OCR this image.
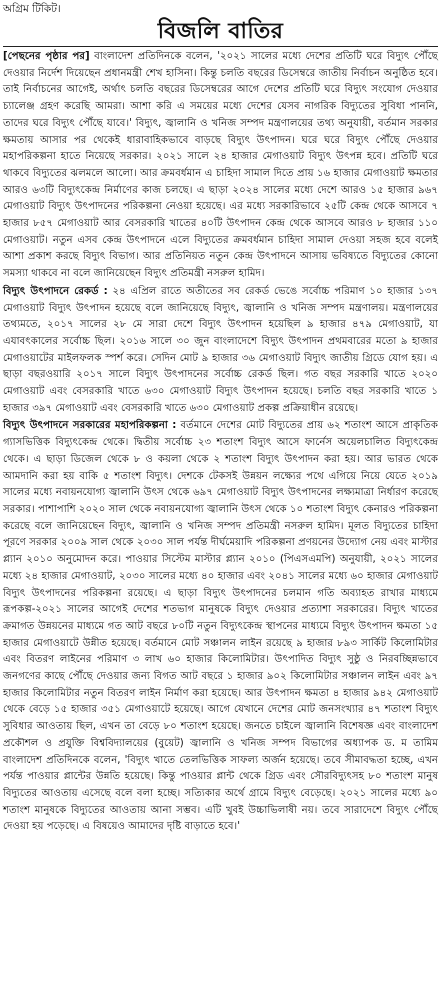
অগ্রিম টিকিট।
বিজলি বাতির

[পেছনের পৃষ্ঠার পর] বাংলাদেশ প্রতিদিনকে বলেন, '২০২১ সালের মধ্যে দেশের প্রতিটি ঘরে বিদ্যুৎ পৌঁছে দেওয়ার নির্দেশ দিয়েছেন প্রধানমন্ত্রী শেখ হাসিনা। কিন্তু চলতি বছরের ডিসেম্বরে জাতীয় নির্বাচন অনুষ্ঠিত হবে। তাই নির্বাচনের আগেই, অর্থাৎ চলতি বছরের ডিসেম্বরের আগে দেশের প্রতিটি ঘরে বিদ্যুৎ সংযোগ দেওয়ার চ্যালেঞ্জ গ্রহণ করেছি আমরা। আশা করি এ সময়ের মধ্যে দেশের যেসব নাগরিক বিদ্যুতের সুবিধা পাননি, তাদের ঘরে বিদ্যুৎ পৌঁছে যাবে।' বিদ্যুৎ, জ্বালানি ও খনিজ সম্পদ মন্ত্রণালয়ের তথ্য অনুযায়ী, বর্তমান সরকার ক্ষমতায় আসার পর থেকেই ধারাবাহিকভাবে বাড়ছে বিদ্যুৎ উৎপাদন। ঘরে ঘরে বিদ্যুৎ পৌঁছে দেওয়ার মহাপরিকল্পনা হাতে নিয়েছে সরকার। ২০২১ সালে ২৪ হাজার মেগাওয়াট বিদ্যুৎ উৎপন্ন হবে। প্রতিটি ঘরে থাকবে বিদ্যুতের ঝলমলে আলো। আর ক্রমবর্ধমান এ চাহিদা সামাল দিতে প্রায় ১৬ হাজার মেগাওয়াট ক্ষমতার আরও ৬৩টি বিদ্যুৎকেন্দ্র নির্মাণের কাজ চলছে। এ ছাড়া ২০২৪ সালের মধ্যে দেশে আরও ১৫ হাজার ৯৬৭ মেগাওয়াট বিদ্যুৎ উৎপাদনের পরিকল্পনা নেওয়া হয়েছে। এর মধ্যে সরকারিভাবে ২৫টি কেন্দ্র থেকে আসবে ৭ হাজার ৮৫৭ মেগাওয়াট আর বেসরকারি খাতের ৪০টি উৎপাদন কেন্দ্র থেকে আসবে আরও ৮ হাজার ১১০ মেগাওয়াট। নতুন এসব কেন্দ্র উৎপাদনে এলে বিদ্যুতের ক্রমবর্ধমান চাহিদা সামাল দেওয়া সহজ হবে বলেই আশা প্রকাশ করছে বিদ্যুৎ বিভাগ। আর প্রতিনিয়ত নতুন কেন্দ্র উৎপাদনে আসায় ভবিষ্যতে বিদ্যুতের কোনো সমস্যা থাকবে না বলে জানিয়েছেন বিদ্যুৎ প্রতিমন্ত্রী নসরুল হামিদ।

বিদ্যুৎ উৎপাদনে রেকর্ড : ২৪ এপ্রিল রাতে অতীতের সব রেকর্ড ভেঙে সর্বোচ্চ পরিমাণ ১০ হাজার ১৩৭ মেগাওয়াট বিদ্যুৎ উৎপাদন হয়েছে বলে জানিয়েছে বিদ্যুৎ, জ্বালানি ও খনিজ সম্পদ মন্ত্রণালয়। মন্ত্রণালয়ের তথ্যমতে, ২০১৭ সালের ২৮ মে সারা দেশে বিদ্যুৎ উৎপাদন হয়েছিল ৯ হাজার ৪৭৯ মেগাওয়াট, যা এযাবৎকালের সর্বোচ্চ ছিল। ২০১৬ সালে ৩০ জুন বাংলাদেশে বিদ্যুৎ উৎপাদন প্রথমবারের মতো ৯ হাজার মেগাওয়াটের মাইলফলক স্পর্শ করে। সেদিন মোট ৯ হাজার ৩৬ মেগাওয়াট বিদ্যুৎ জাতীয় গ্রিডে যোগ হয়। এ ছাড়া বছরওয়ারি ২০১৭ সালে বিদ্যুৎ উৎপাদনের সর্বোচ্চ রেকর্ড ছিল। গত বছর সরকারি খাতে ২০২০ মেগাওয়াট এবং বেসরকারি খাতে ৬৩০ মেগাওয়াট বিদ্যুৎ উৎপাদন হয়েছে। চলতি বছর সরকারি খাতে ১ হাজার ৩৯৭ মেগাওয়াট এবং বেসরকারি খাতে ৬৩০ মেগাওয়াট প্রকল্প প্রক্রিয়াধীন রয়েছে।

বিদ্যুৎ উৎপাদনে সরকারের মহাপরিকল্পনা : বর্তমানে দেশের মোট বিদ্যুতের প্রায় ৬২ শতাংশ আসে প্রাকৃতিক গ্যাসভিত্তিক বিদ্যুৎকেন্দ্র থেকে। দ্বিতীয় সর্বোচ্চ ২৩ শতাংশ বিদ্যুৎ আসে ফার্নেস অয়েলচালিত বিদ্যুৎকেন্দ্র থেকে। এ ছাড়া ডিজেল থেকে ৮ ও কয়লা থেকে ২ শতাংশ বিদ্যুৎ উৎপাদন করা হয়। আর ভারত থেকে আমদানি করা হয় বাকি ৫ শতাংশ বিদ্যুৎ। দেশকে টেকসই উন্নয়ন লক্ষ্যের পথে এগিয়ে নিয়ে যেতে ২০১৯ সালের মধ্যে নবায়নযোগ্য জ্বালানি উৎস থেকে ৬৯৭ মেগাওয়াট বিদ্যুৎ উৎপাদনের লক্ষ্যমাত্রা নির্ধারণ করেছে সরকার। পাশাপাশি ২০২০ সাল থেকে নবায়নযোগ্য জ্বালানি উৎস থেকে ১০ শতাংশ বিদ্যুৎ কেনারও পরিকল্পনা করেছে বলে জানিয়েছেন বিদ্যুৎ, জ্বালানি ও খনিজ সম্পদ প্রতিমন্ত্রী নসরুল হামিদ। মূলত বিদ্যুতের চাহিদা পূরণে সরকার ২০০৯ সাল থেকে ২০৩০ সাল পর্যন্ত দীর্ঘমেয়াদি পরিকল্পনা প্রণয়নের উদ্যোগ নেয় এবং মাস্টার প্ল্যান ২০১০ অনুমোদন করে। পাওয়ার সিস্টেম মাস্টার প্ল্যান ২০১০ (পিএসএমপি) অনুযায়ী, ২০২১ সালের মধ্যে ২৪ হাজার মেগাওয়াট, ২০৩০ সালের মধ্যে ৪০ হাজার এবং ২০৪১ সালের মধ্যে ৬০ হাজার মেগাওয়াট বিদ্যুৎ উৎপাদনের পরিকল্পনা রয়েছে। এ ছাড়া বিদ্যুৎ উৎপাদনের চলমান গতি অব্যাহত রাখার মাধ্যমে রূপকল্প-২০২১ সালের আগেই দেশের শতভাগ মানুষকে বিদ্যুৎ দেওয়ার প্রত্যাশা সরকারের। বিদ্যুৎ খাতের ক্রমাগত উন্নয়নের মাধ্যমে গত আট বছরে ৮০টি নতুন বিদ্যুৎকেন্দ্র স্থাপনের মাধ্যমে বিদ্যুৎ উৎপাদন ক্ষমতা ১৫ হাজার মেগাওয়াটে উন্নীত হয়েছে। বর্তমানে মোট সঞ্চালন লাইন রয়েছে ৯ হাজার ৮৯৩ সার্কিট কিলোমিটার এবং বিতরণ লাইনের পরিমাণ ৩ লাখ ৬০ হাজার কিলোমিটার। উৎপাদিত বিদ্যুৎ সুষ্ঠু ও নিরবচ্ছিন্নভাবে জনগণের কাছে পৌঁছে দেওয়ার জন্য বিগত আট বছরে ১ হাজার ৯০২ কিলোমিটার সঞ্চালন লাইন এবং ৯৭ হাজার কিলোমিটার নতুন বিতরণ লাইন নির্মাণ করা হয়েছে। আর উৎপাদন ক্ষমতা ৪ হাজার ৯৪২ মেগাওয়াট থেকে বেড়ে ১৫ হাজার ৩৫১ মেগাওয়াটে হয়েছে। আগে যেখানে দেশের মোট জনসংখ্যার ৪৭ শতাংশ বিদ্যুৎ সুবিধার আওতায় ছিল, এখন তা বেড়ে ৮০ শতাংশ হয়েছে। জনতে চাইলে জ্বালানি বিশেষজ্ঞ এবং বাংলাদেশ প্রকৌশল ও প্রযুক্তি বিশ্ববিদ্যালয়ের (বুয়েট) জ্বালানি ও খনিজ সম্পদ বিভাগের অধ্যাপক ড. ম তামিম বাংলাদেশ প্রতিদিনকে বলেন, 'বিদ্যুৎ খাতে তেলভিত্তিক সাফল্য অর্জন হয়েছে। তবে সীমাবদ্ধতা হচ্ছে, এখন পর্যন্ত পাওয়ার প্লান্টের উন্নতি হয়েছে। কিন্তু পাওয়ার প্লান্ট থেকে গ্রিড এবং সৌরবিদ্যুৎসহ ৮০ শতাংশ মানুষ বিদ্যুতের আওতায় এসেছে বলে বলা হচ্ছে। সত্যিকার অর্থে গ্রামে বিদ্যুৎ বেড়েছে। ২০২১ সালের মধ্যে ৯০ শতাংশ মানুষকে বিদ্যুতের আওতায় আনা সম্ভব। এটি খুবই উচ্চাভিলাষী নয়। তবে সারাদেশে বিদ্যুৎ পৌঁছে দেওয়া হয় পড়েছে। এ বিষয়েও আমাদের দৃষ্টি বাড়াতে হবে।'
